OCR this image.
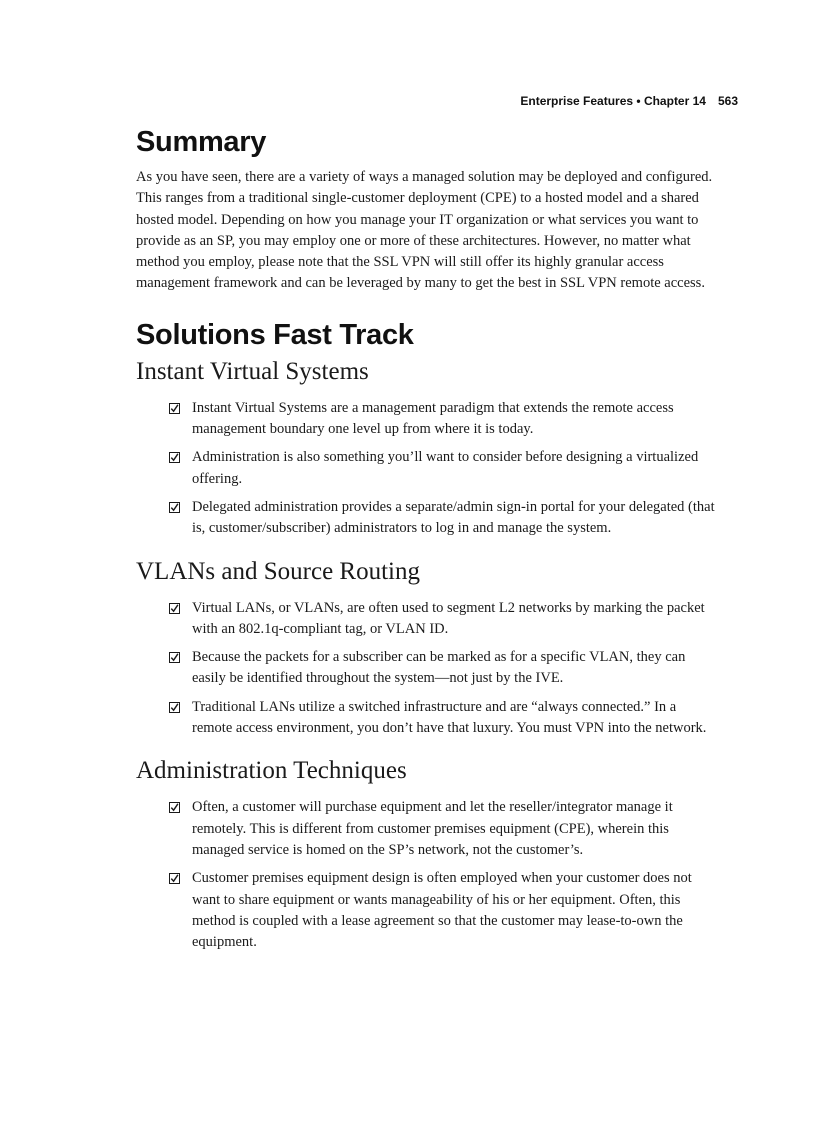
Enterprise Features • Chapter 14 563
Summary

As you have seen, there are a variety of ways a managed solution may be deployed and configured. This ranges from a traditional single-customer deployment (CPE) to a hosted model and a shared hosted model. Depending on how you manage your IT organization or what services you want to provide as an SP, you may employ one or more of these architectures. However, no matter what method you employ, please note that the SSL VPN will still offer its highly granular access management framework and can be leveraged by many to get the best in SSL VPN remote access.

Solutions Fast Track
Instant Virtual Systems
Instant Virtual Systems are a management paradigm that extends the remote access management boundary one level up from where it is today.
Administration is also something you’ll want to consider before designing a virtualized offering.
Delegated administration provides a separate/admin sign-in portal for your delegated (that is, customer/subscriber) administrators to log in and manage the system.
VLANs and Source Routing
Virtual LANs, or VLANs, are often used to segment L2 networks by marking the packet with an 802.1q-compliant tag, or VLAN ID.
Because the packets for a subscriber can be marked as for a specific VLAN, they can easily be identified throughout the system—not just by the IVE.
Traditional LANs utilize a switched infrastructure and are “always connected.” In a remote access environment, you don’t have that luxury. You must VPN into the network.
Administration Techniques
Often, a customer will purchase equipment and let the reseller/integrator manage it remotely. This is different from customer premises equipment (CPE), wherein this managed service is homed on the SP’s network, not the customer’s.
Customer premises equipment design is often employed when your customer does not want to share equipment or wants manageability of his or her equipment. Often, this method is coupled with a lease agreement so that the customer may lease-to-own the equipment.
